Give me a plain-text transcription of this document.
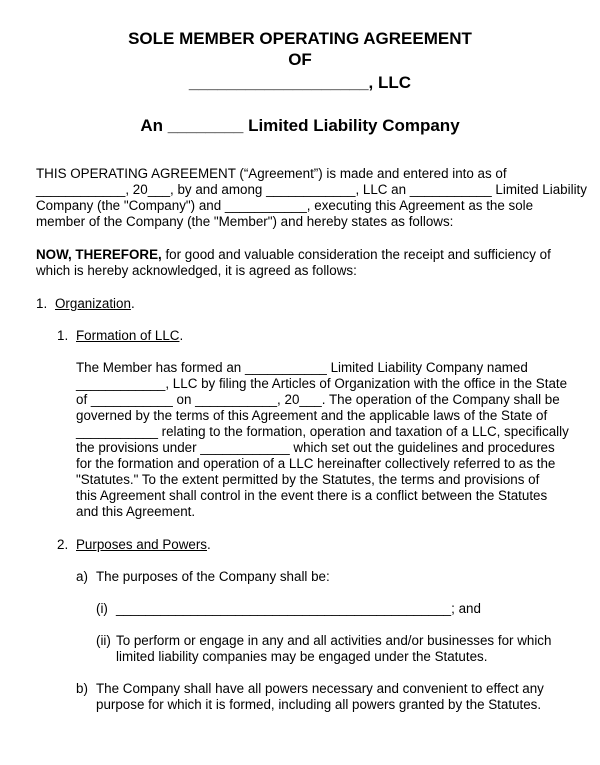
SOLE MEMBER OPERATING AGREEMENT
OF
___________________, LLC
An ________ Limited Liability Company
THIS OPERATING AGREEMENT (“Agreement”) is made and entered into as of
____________, 20___, by and among ____________, LLC an ___________ Limited Liability
Company (the "Company") and ___________, executing this Agreement as the sole
member of the Company (the "Member") and hereby states as follows:
NOW, THEREFORE, for good and valuable consideration the receipt and sufficiency of
which is hereby acknowledged, it is agreed as follows:
1. Organization.
1. Formation of LLC.
The Member has formed an ___________ Limited Liability Company named
____________, LLC by filing the Articles of Organization with the office in the State
of ___________ on ___________, 20___. The operation of the Company shall be
governed by the terms of this Agreement and the applicable laws of the State of
___________ relating to the formation, operation and taxation of a LLC, specifically
the provisions under ____________ which set out the guidelines and procedures
for the formation and operation of a LLC hereinafter collectively referred to as the
"Statutes." To the extent permitted by the Statutes, the terms and provisions of
this Agreement shall control in the event there is a conflict between the Statutes
and this Agreement.
2. Purposes and Powers.
a) The purposes of the Company shall be:
(i) _____________________________________________; and
(ii) To perform or engage in any and all activities and/or businesses for which
limited liability companies may be engaged under the Statutes.
b) The Company shall have all powers necessary and convenient to effect any
purpose for which it is formed, including all powers granted by the Statutes.
